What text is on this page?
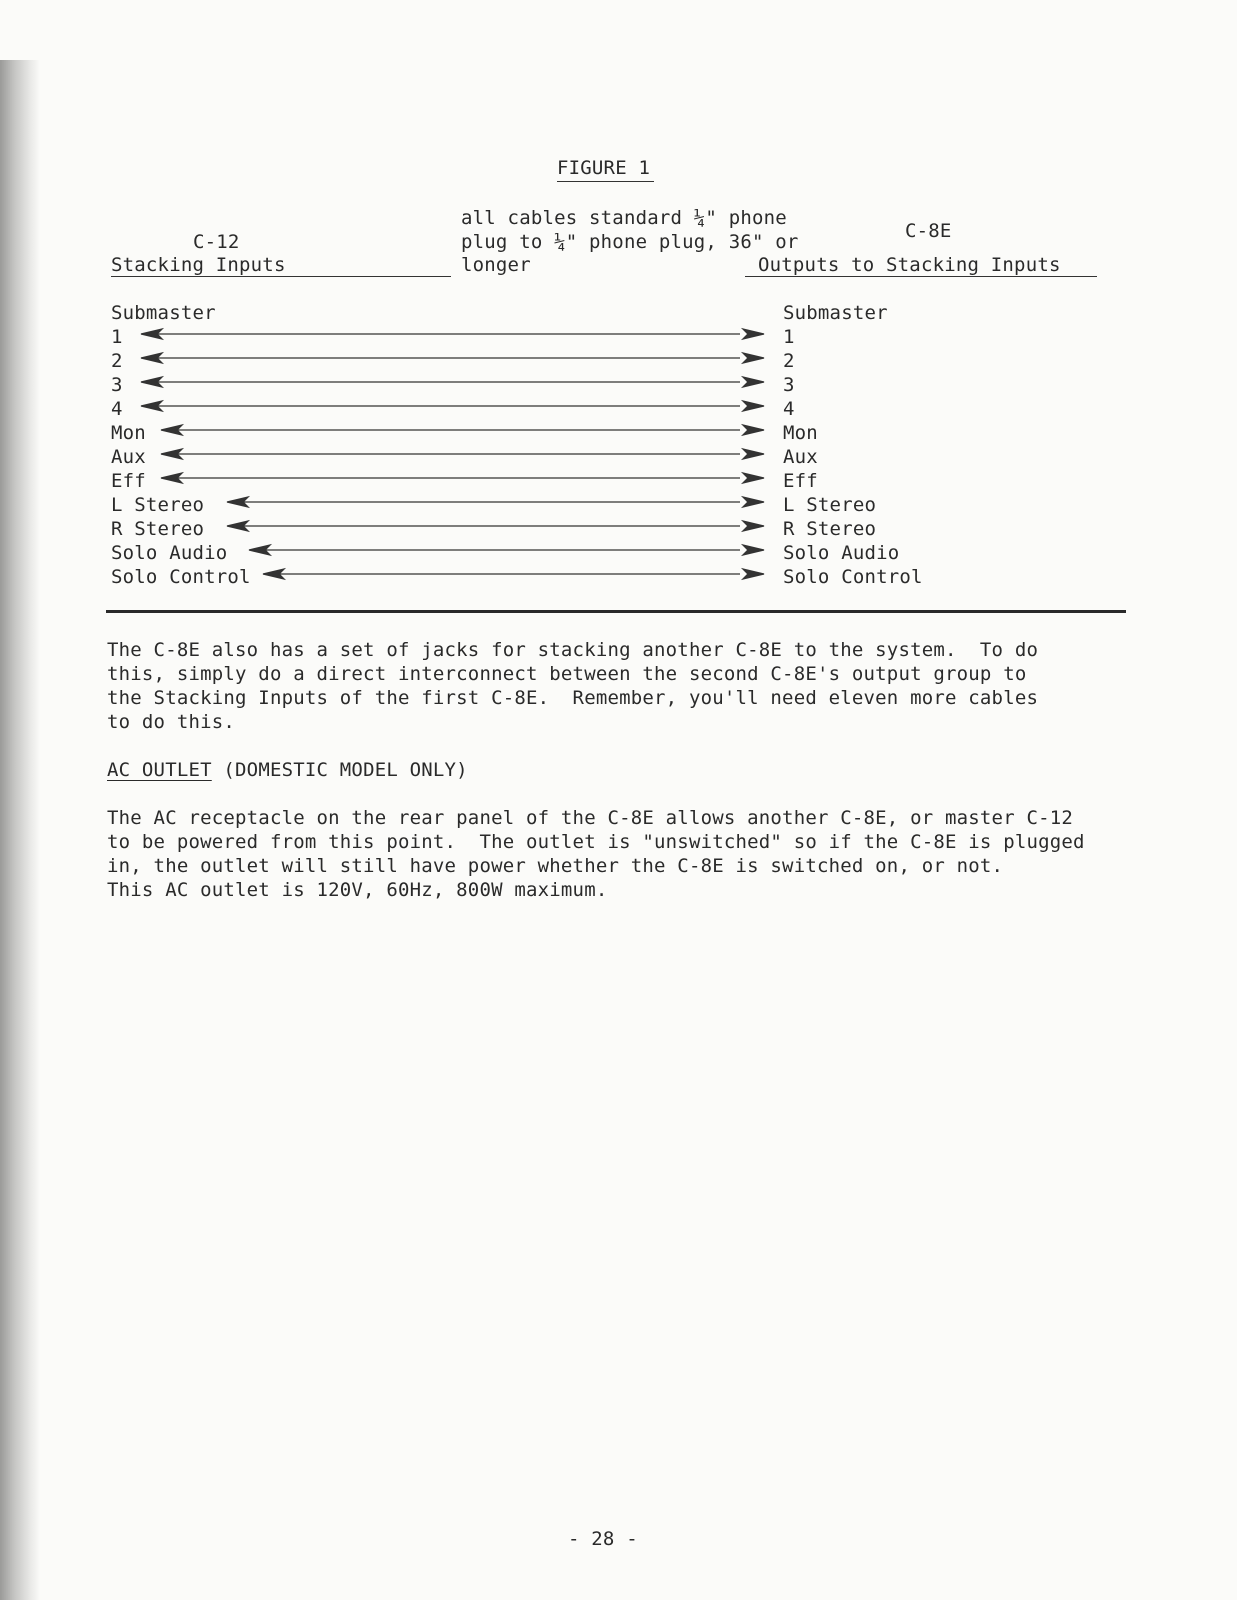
FIGURE 1
C-12
Stacking Inputs
all cables standard ¼" phone
plug to ¼" phone plug, 36" or
longer
C-8E
Outputs to Stacking Inputs
Submaster	Submaster
1
2
3
4
Mon
Aux
Eff
L Stereo
R Stereo
Solo Audio
Solo Control
1
2
3
4
Mon
Aux
Eff
L Stereo
R Stereo
Solo Audio
Solo Control
The C-8E also has a set of jacks for stacking another C-8E to the system.  To do
this, simply do a direct interconnect between the second C-8E's output group to
the Stacking Inputs of the first C-8E.  Remember, you'll need eleven more cables
to do this.
AC OUTLET (DOMESTIC MODEL ONLY)
The AC receptacle on the rear panel of the C-8E allows another C-8E, or master C-12
to be powered from this point.  The outlet is "unswitched" so if the C-8E is plugged
in, the outlet will still have power whether the C-8E is switched on, or not.
This AC outlet is 120V, 60Hz, 800W maximum.
- 28 -
